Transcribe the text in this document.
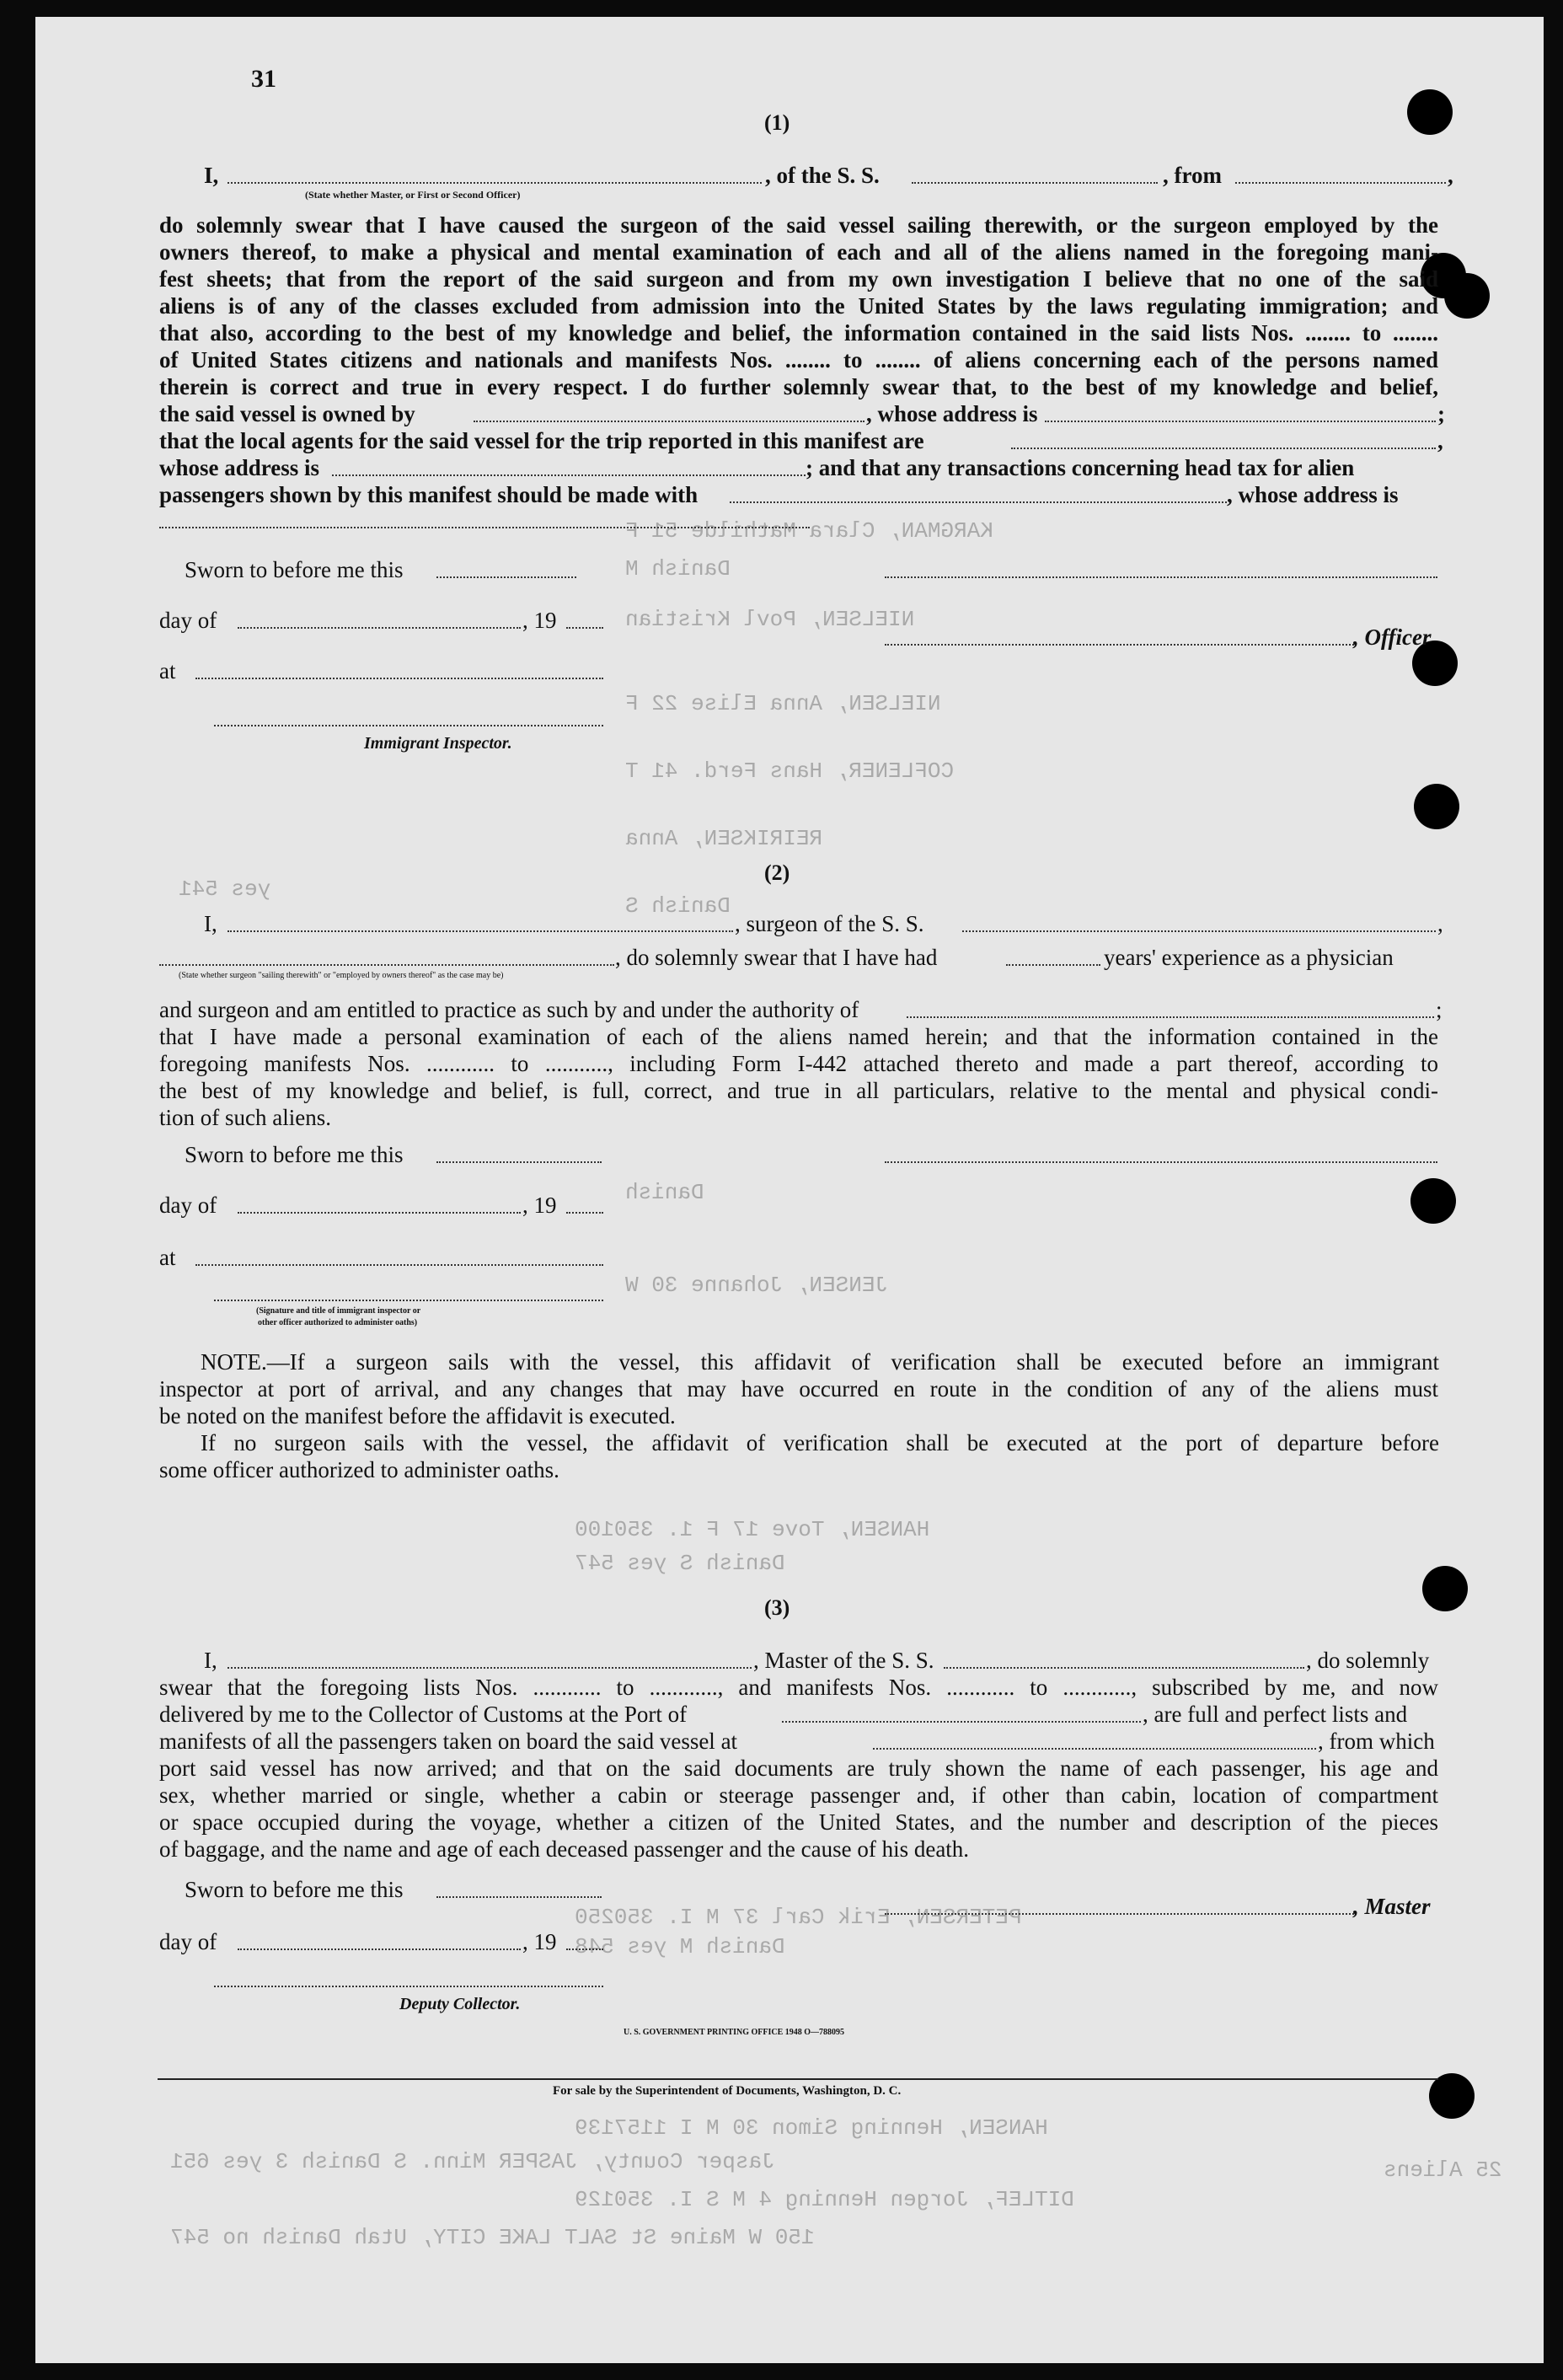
KARGMAN, Clara Mathilde 51 F
Danish M
NIELSEN, Povl Kristian
COFLENER, Hans Ferd. 41 T
NIELSEN, Anna Elise 22 F
REIRIKSEN, Anna
Danish S
yes 541
Danish
JENSEN, Johanne 30 W
HANSEN, Tove 17 F 1. 350100
Danish S yes 547
PETERSEN, Erik Carl 37 M I. 350250
Danish M yes 548
HANSEN, Henning Simon 30 M I 1157139
Jasper County, JASPER Minn. S Danish 3 yes 651
DITLEF, Jorgen Henning 4 M S I. 350129
150 W Maine St SALT LAKE CITY, Utah Danish no 547
25 Aliens
31
(1)
I,	, of the S. S.	, from	,
(State whether Master, or First or Second Officer)
do solemnly swear that I have caused the surgeon of the said vessel sailing therewith, or the surgeon employed by the
owners thereof, to make a physical and mental examination of each and all of the aliens named in the foregoing mani-
fest sheets; that from the report of the said surgeon and from my own investigation I believe that no one of the said
aliens is of any of the classes excluded from admission into the United States by the laws regulating immigration; and
that also, according to the best of my knowledge and belief, the information contained in the said lists Nos. ........ to ........
of United States citizens and nationals and manifests Nos. ........ to ........ of aliens concerning each of the persons named
therein is correct and true in every respect. I do further solemnly swear that, to the best of my knowledge and belief,
the said vessel is owned by	, whose address is	;
that the local agents for the said vessel for the trip reported in this manifest are	,
whose address is	; and that any transactions concerning head tax for alien
passengers shown by this manifest should be made with	, whose address is
Sworn to before me this
day of	, 19
, Officer
at
Immigrant Inspector.
(2)
I,	, surgeon of the S. S.	,
, do solemnly swear that I have had	years' experience as a physician
(State whether surgeon "sailing therewith" or "employed by owners thereof" as the case may be)
and surgeon and am entitled to practice as such by and under the authority of	;
that I have made a personal examination of each of the aliens named herein; and that the information contained in the
foregoing manifests Nos. ............ to ..........., including Form I-442 attached thereto and made a part thereof, according to
the best of my knowledge and belief, is full, correct, and true in all particulars, relative to the mental and physical condi-
tion of such aliens.
Sworn to before me this
day of	, 19
at
(Signature and title of immigrant inspector or
other officer authorized to administer oaths)
NOTE.—If a surgeon sails with the vessel, this affidavit of verification shall be executed before an immigrant
inspector at port of arrival, and any changes that may have occurred en route in the condition of any of the aliens must
be noted on the manifest before the affidavit is executed.
If no surgeon sails with the vessel, the affidavit of verification shall be executed at the port of departure before
some officer authorized to administer oaths.
(3)
I,	, Master of the S. S.	, do solemnly
swear that the foregoing lists Nos. ............ to ............, and manifests Nos. ............ to ............, subscribed by me, and now
delivered by me to the Collector of Customs at the Port of	, are full and perfect lists and
manifests of all the passengers taken on board the said vessel at	, from which
port said vessel has now arrived; and that on the said documents are truly shown the name of each passenger, his age and
sex, whether married or single, whether a cabin or steerage passenger and, if other than cabin, location of compartment
or space occupied during the voyage, whether a citizen of the United States, and the number and description of the pieces
of baggage, and the name and age of each deceased passenger and the cause of his death.
Sworn to before me this
, Master
day of	, 19
Deputy Collector.
U. S. GOVERNMENT PRINTING OFFICE 1948 O—788095
For sale by the Superintendent of Documents, Washington, D. C.
